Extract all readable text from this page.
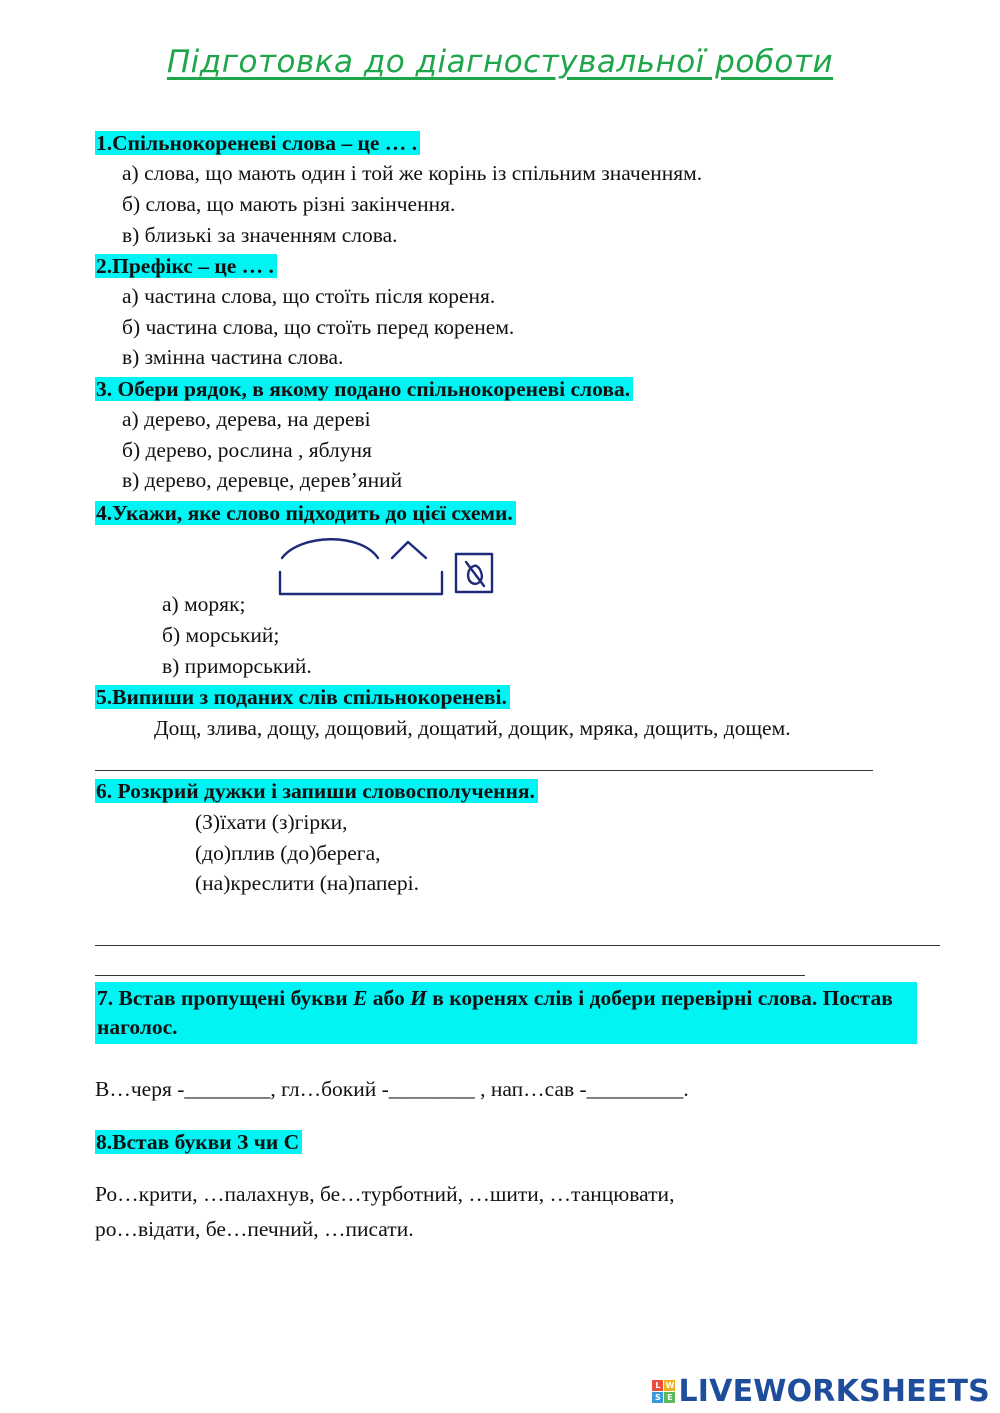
Підготовка до діагностувальної роботи
1.Спільнокореневі слова – це … .
а) слова, що мають один і той же корінь із спільним значенням.
б) слова, що мають різні закінчення.
в) близькі за значенням слова.
2.Префікс – це … .
а) частина слова, що стоїть після кореня.
б) частина слова, що стоїть перед коренем.
в) змінна частина слова.
3. Обери рядок, в якому подано спільнокореневі слова.
а) дерево, дерева, на дереві
б) дерево, рослина , яблуня
в) дерево, деревце, дерев’яний
4.Укажи, яке слово підходить до цієї схеми.
а) моряк;
б) морський;
в) приморський.
5.Випиши з поданих слів спільнокореневі.
Дощ, злива, дощу, дощовий, дощатий, дощик, мряка, дощить, дощем.
6. Розкрий дужки і запиши словосполучення.
(З)їхати (з)гірки,
(до)плив (до)берега,
(на)креслити (на)папері.
7. Встав пропущені букви Е або И в коренях слів і добери перевірні слова. Постав наголос.
В…черя -________, гл…бокий -________ , нап…сав -_________.
8.Встав букви З чи С
Ро…крити, …палахнув, бе…турботний, …шити, …танцювати,
ро…відати, бе…печний, …писати.
L W
S E LIVEWORKSHEETS
